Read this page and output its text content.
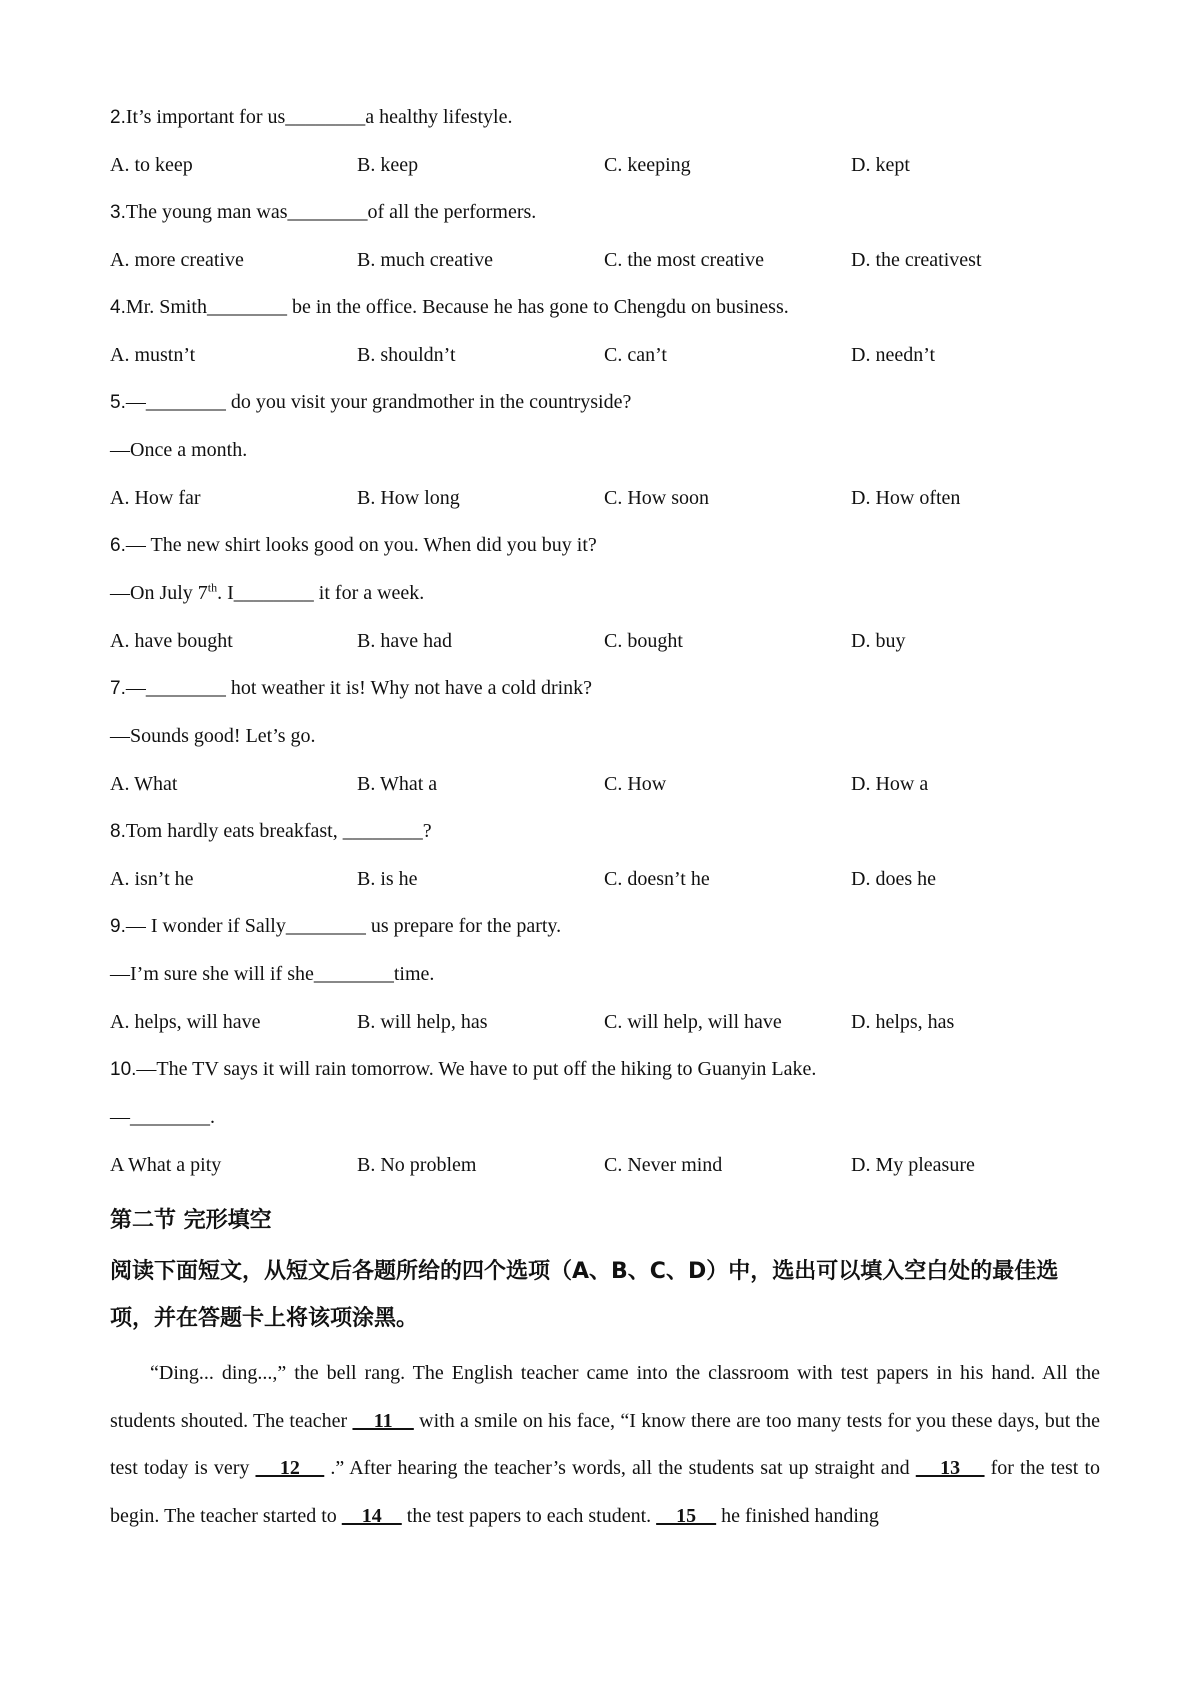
2.It’s important for us________a healthy lifestyle.
A. to keep	B. keep	C. keeping	D. kept
3.The young man was________of all the performers.
A. more creative	B. much creative	C. the most creative	D. the creativest
4.Mr. Smith________ be in the office. Because he has gone to Chengdu on business.
A. mustn’t	B. shouldn’t	C. can’t	D. needn’t
5.—________ do you visit your grandmother in the countryside?
—Once a month.
A. How far	B. How long	C. How soon	D. How often
6.— The new shirt looks good on you. When did you buy it?
—On July 7th. I________ it for a week.
A. have bought	B. have had	C. bought	D. buy
7.—________ hot weather it is! Why not have a cold drink?
—Sounds good! Let’s go.
A. What	B. What a	C. How	D. How a
8.Tom hardly eats breakfast, ________?
A. isn’t he	B. is he	C. doesn’t he	D. does he
9.— I wonder if Sally________ us prepare for the party.
—I’m sure she will if she________time.
A. helps, will have	B. will help, has	C. will help, will have	D. helps, has
10.—The TV says it will rain tomorrow. We have to put off the hiking to Guanyin Lake.
—________.
A What a pity	B. No problem	C. Never mind	D. My pleasure
第二节 完形填空
阅读下面短文，从短文后各题所给的四个选项（A、B、C、D）中，选出可以填入空白处的最佳选项，并在答题卡上将该项涂黑。
“Ding... ding...,” the bell rang. The English teacher came into the classroom with test papers in his hand. All the students shouted. The teacher     11     with a smile on his face, “I know there are too many tests for you these days, but the test today is very     12     .” After hearing the teacher’s words, all the students sat up straight and     13     for the test to begin. The teacher started to     14     the test papers to each student.     15     he finished handing
